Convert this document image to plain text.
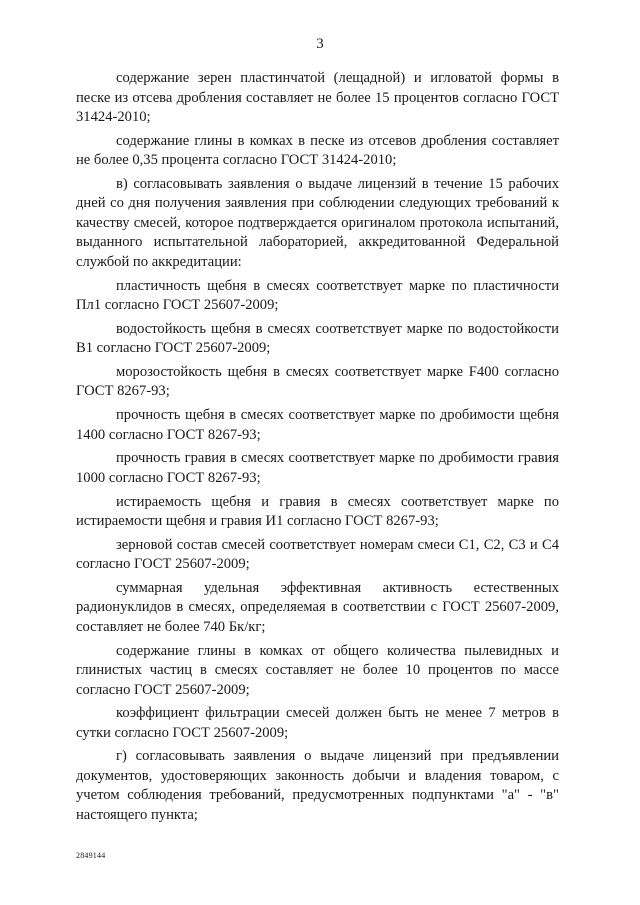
3

содержание зерен пластинчатой (лещадной) и игловатой формы в песке из отсева дробления составляет не более 15 процентов согласно ГОСТ 31424-2010;

содержание глины в комках в песке из отсевов дробления составляет не более 0,35 процента согласно ГОСТ 31424-2010;

в) согласовывать заявления о выдаче лицензий в течение 15 рабочих дней со дня получения заявления при соблюдении следующих требований к качеству смесей, которое подтверждается оригиналом протокола испытаний, выданного испытательной лабораторией, аккредитованной Федеральной службой по аккредитации:

пластичность щебня в смесях соответствует марке по пластичности Пл1 согласно ГОСТ 25607-2009;

водостойкость щебня в смесях соответствует марке по водостойкости В1 согласно ГОСТ 25607-2009;

морозостойкость щебня в смесях соответствует марке F400 согласно ГОСТ 8267-93;

прочность щебня в смесях соответствует марке по дробимости щебня 1400 согласно ГОСТ 8267-93;

прочность гравия в смесях соответствует марке по дробимости гравия 1000 согласно ГОСТ 8267-93;

истираемость щебня и гравия в смесях соответствует марке по истираемости щебня и гравия И1 согласно ГОСТ 8267-93;

зерновой состав смесей соответствует номерам смеси С1, С2, С3 и С4 согласно ГОСТ 25607-2009;

суммарная удельная эффективная активность естественных радионуклидов в смесях, определяемая в соответствии с ГОСТ 25607-2009, составляет не более 740 Бк/кг;

содержание глины в комках от общего количества пылевидных и глинистых частиц в смесях составляет не более 10 процентов по массе согласно ГОСТ 25607-2009;

коэффициент фильтрации смесей должен быть не менее 7 метров в сутки согласно ГОСТ 25607-2009;

г) согласовывать заявления о выдаче лицензий при предъявлении документов, удостоверяющих законность добычи и владения товаром, с учетом соблюдения требований, предусмотренных подпунктами "а" - "в" настоящего пункта;

2849144
